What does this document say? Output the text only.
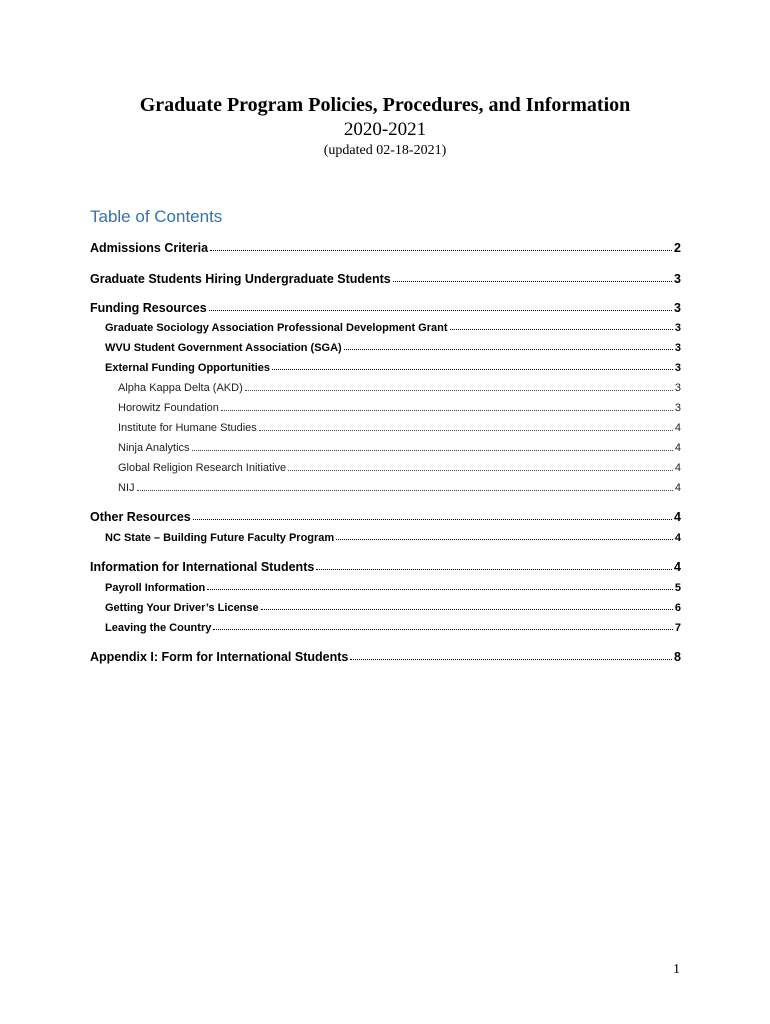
Graduate Program Policies, Procedures, and Information

2020-2021

(updated 02-18-2021)

Table of Contents
Admissions Criteria	2
Graduate Students Hiring Undergraduate Students	3
Funding Resources	3
Graduate Sociology Association Professional Development Grant	3
WVU Student Government Association (SGA)	3
External Funding Opportunities	3
Alpha Kappa Delta (AKD)	3
Horowitz Foundation	3
Institute for Humane Studies	4
Ninja Analytics	4
Global Religion Research Initiative	4
NIJ	4
Other Resources	4
NC State – Building Future Faculty Program	4
Information for International Students	4
Payroll Information	5
Getting Your Driver’s License	6
Leaving the Country	7
Appendix I: Form for International Students	8
1
